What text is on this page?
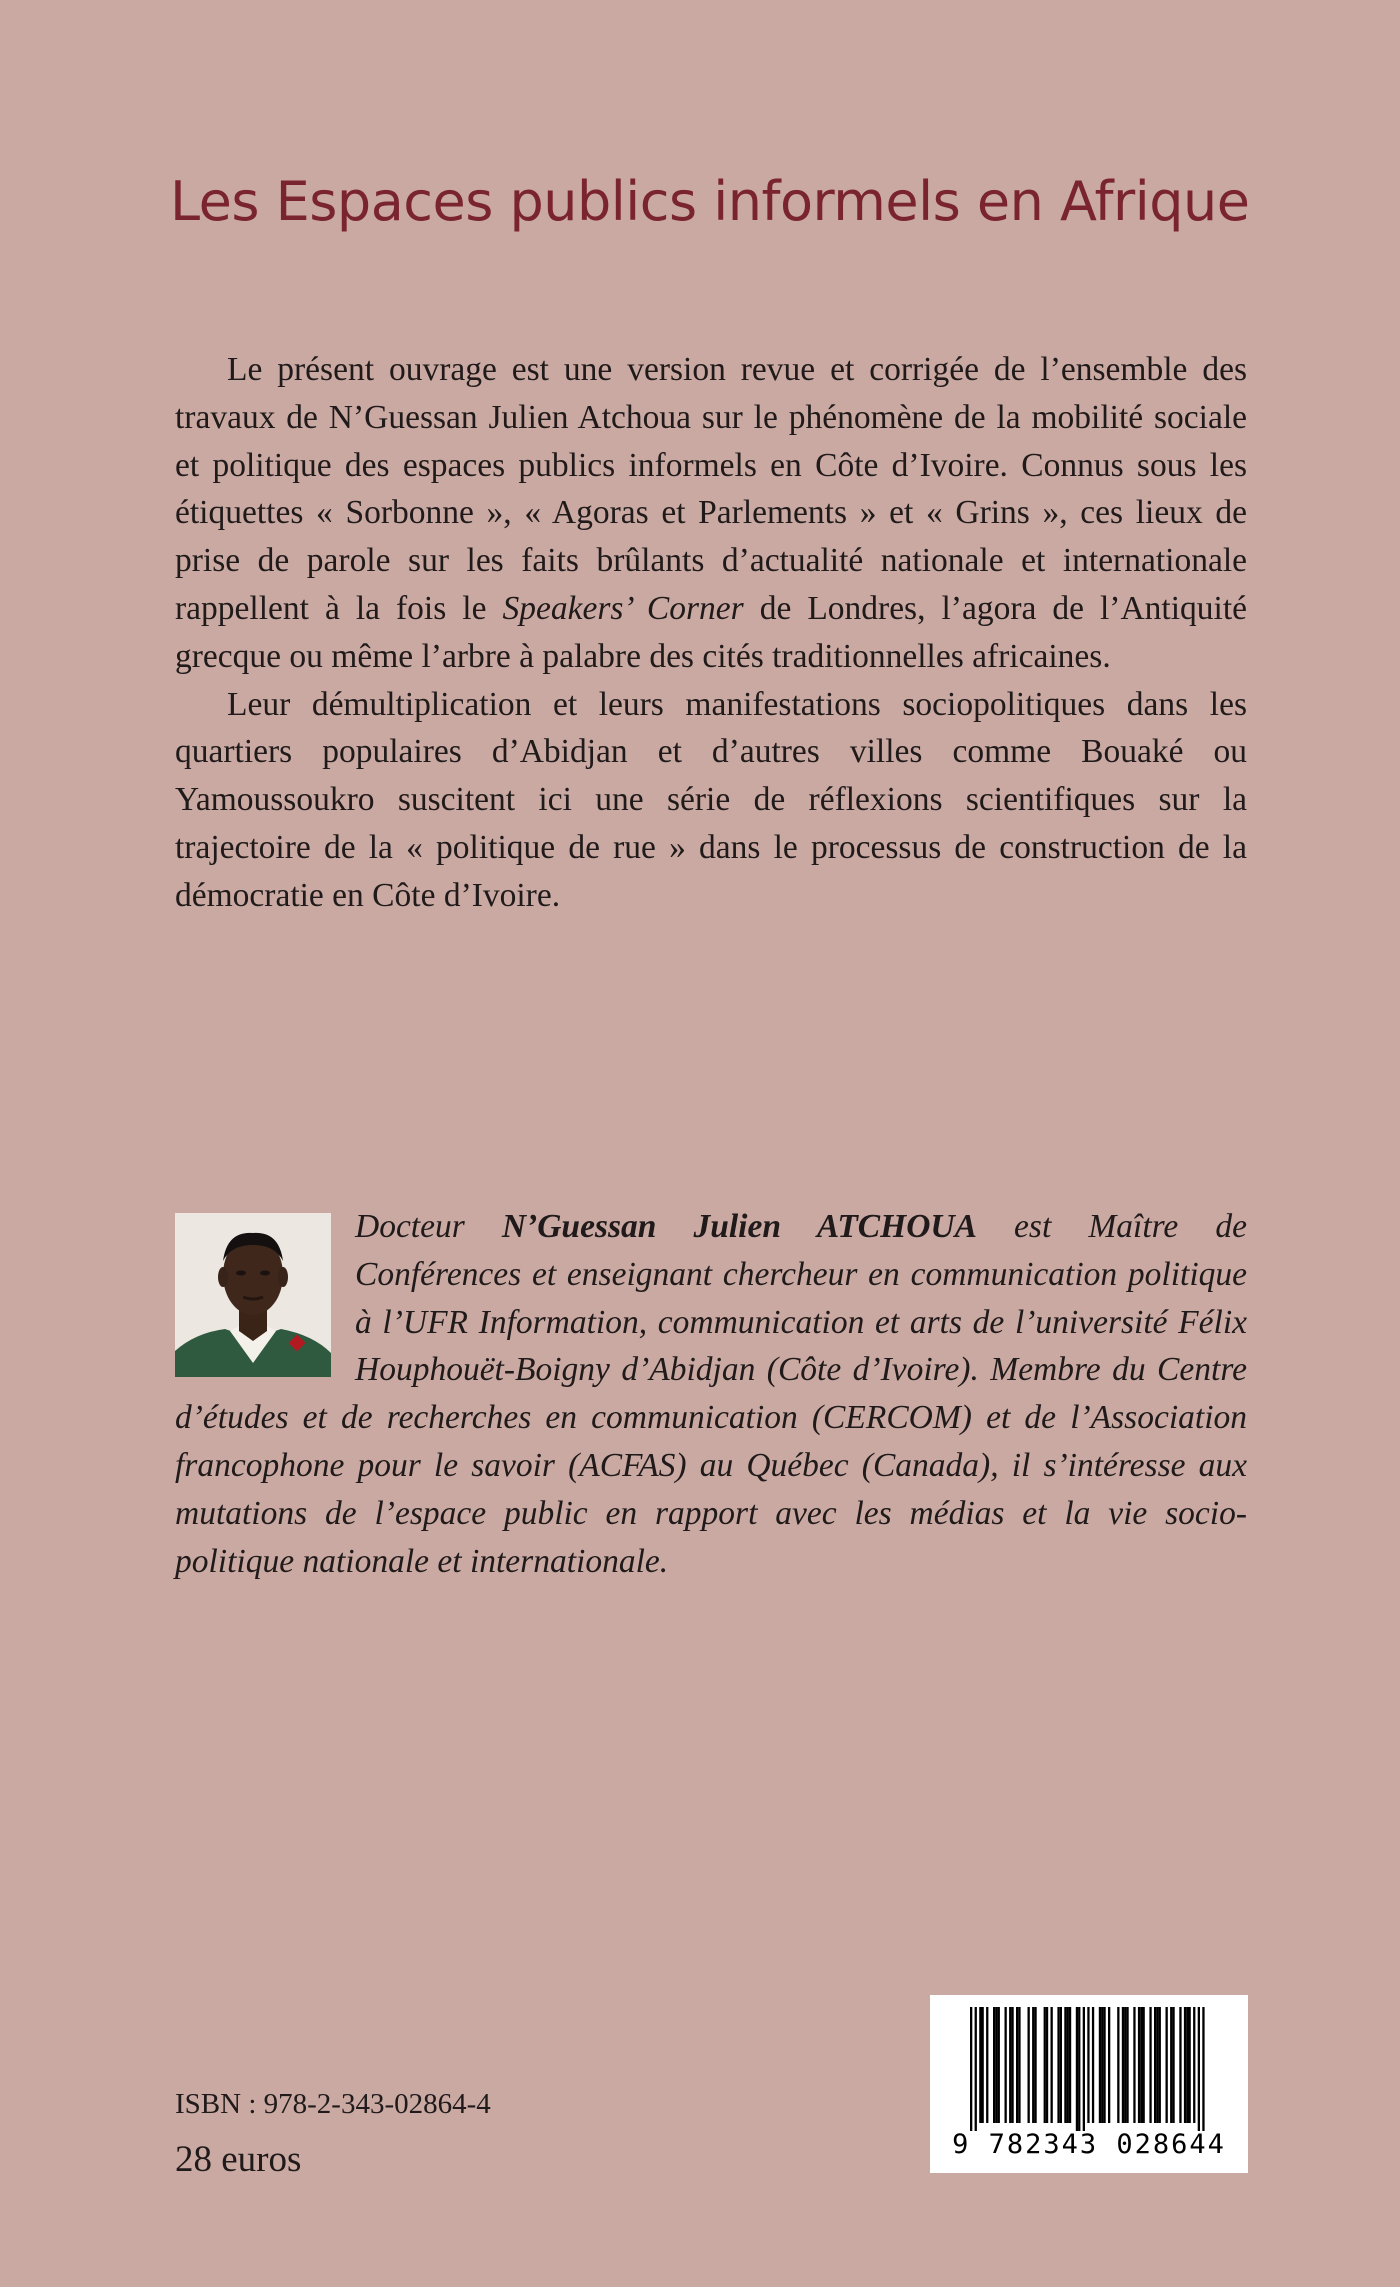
Les Espaces publics informels en Afrique

Le présent ouvrage est une version revue et corrigée de l’ensemble des travaux de N’Guessan Julien Atchoua sur le phénomène de la mobilité sociale et politique des espaces publics informels en Côte d’Ivoire. Connus sous les étiquettes « Sorbonne », « Agoras et Parlements » et « Grins », ces lieux de prise de parole sur les faits brûlants d’actualité nationale et internationale rappellent à la fois le Speakers’ Corner de Londres, l’agora de l’Antiquité grecque ou même l’arbre à palabre des cités traditionnelles africaines.

Leur démultiplication et leurs manifestations sociopolitiques dans les quartiers populaires d’Abidjan et d’autres villes comme Bouaké ou Yamoussoukro suscitent ici une série de réflexions scientifiques sur la trajectoire de la « politique de rue » dans le processus de construction de la démocratie en Côte d’Ivoire.

Docteur N’Guessan Julien ATCHOUA est Maître de Conférences et enseignant chercheur en communication politique à l’UFR Information, communication et arts de l’université Félix Houphouët-Boigny d’Abidjan (Côte d’Ivoire). Membre du Centre d’études et de recherches en communication (CERCOM) et de l’Association francophone pour le savoir (ACFAS) au Québec (Canada), il s’intéresse aux mutations de l’espace public en rapport avec les médias et la vie socio-politique nationale et internationale.
ISBN : 978-2-343-02864-4
28 euros	9 782343 028644
